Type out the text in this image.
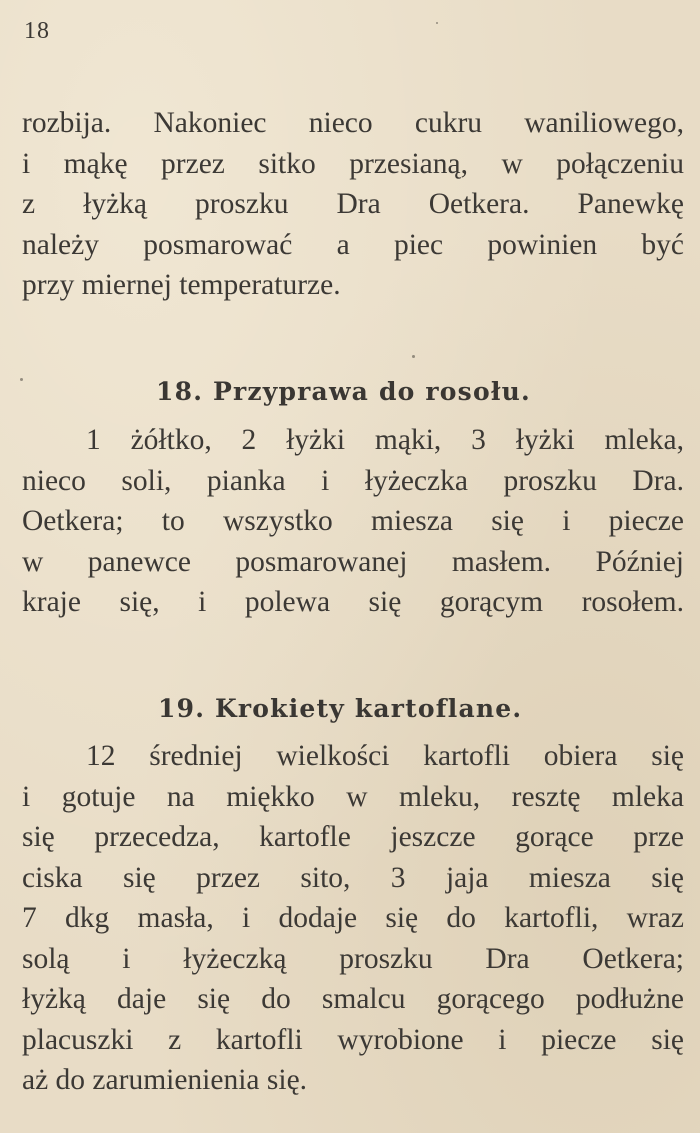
18
rozbija. Nakoniec nieco cukru waniliowego,
i mąkę przez sitko przesianą, w połączeniu
z łyżką proszku Dra Oetkera. Panewkę
należy posmarować a piec powinien być
przy miernej temperaturze.
18. Przyprawa do rosołu.
1 żółtko, 2 łyżki mąki, 3 łyżki mleka,
nieco soli, pianka i łyżeczka proszku Dra.
Oetkera; to wszystko miesza się i piecze
w panewce posmarowanej masłem. Później
kraje się, i polewa się gorącym rosołem.
19. Krokiety kartoflane.
12 średniej wielkości kartofli obiera się
i gotuje na miękko w mleku, resztę mleka
się przecedza, kartofle jeszcze gorące prze
ciska się przez sito, 3 jaja miesza się
7 dkg masła, i dodaje się do kartofli, wraz
solą i łyżeczką proszku Dra Oetkera;
łyżką daje się do smalcu gorącego podłużne
placuszki z kartofli wyrobione i piecze się
aż do zarumienienia się.
